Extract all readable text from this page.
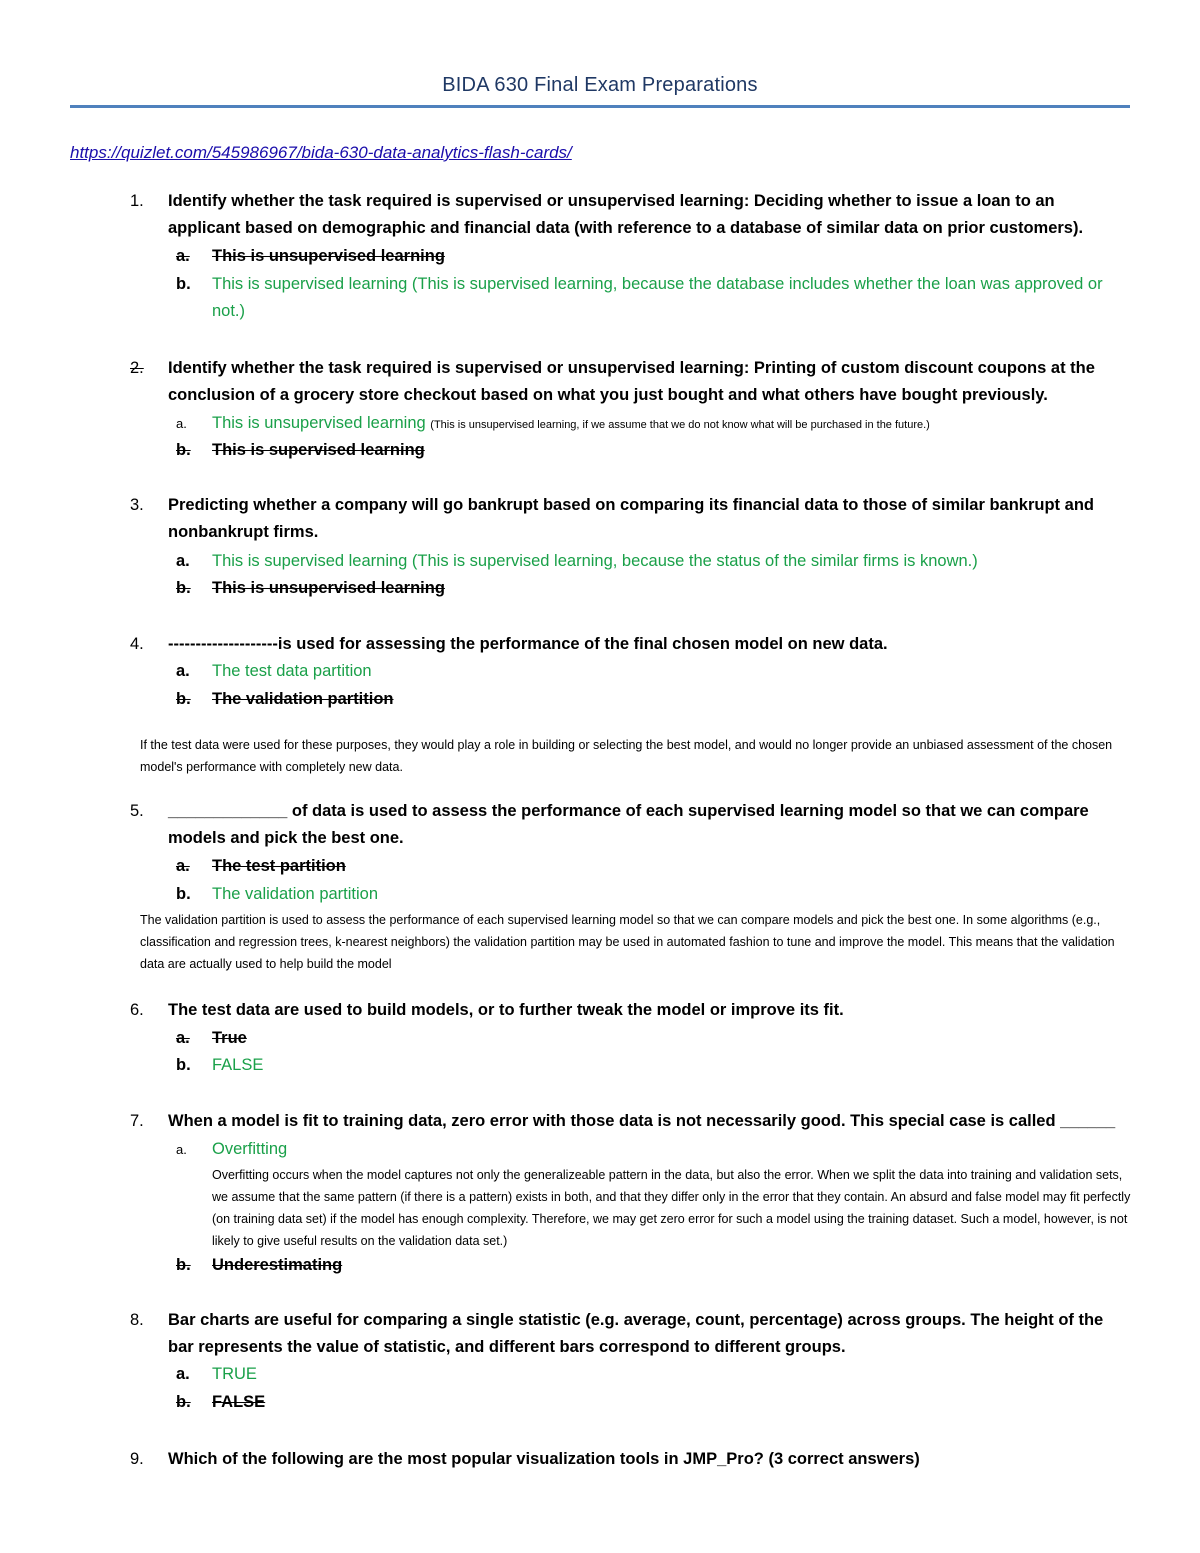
BIDA 630 Final Exam Preparations
https://quizlet.com/545986967/bida-630-data-analytics-flash-cards/
1. Identify whether the task required is supervised or unsupervised learning: Deciding whether to issue a loan to an applicant based on demographic and financial data (with reference to a database of similar data on prior customers).
a. This is unsupervised learning
b. This is supervised learning (This is supervised learning, because the database includes whether the loan was approved or not.)
2. Identify whether the task required is supervised or unsupervised learning: Printing of custom discount coupons at the conclusion of a grocery store checkout based on what you just bought and what others have bought previously.
a. This is unsupervised learning (This is unsupervised learning, if we assume that we do not know what will be purchased in the future.)
b. This is supervised learning
3. Predicting whether a company will go bankrupt based on comparing its financial data to those of similar bankrupt and nonbankrupt firms.
a. This is supervised learning (This is supervised learning, because the status of the similar firms is known.)
b. This is unsupervised learning
4. --------------------is used for assessing the performance of the final chosen model on new data.
a. The test data partition
b. The validation partition
If the test data were used for these purposes, they would play a role in building or selecting the best model, and would no longer provide an unbiased assessment of the chosen model's performance with completely new data.
5. _____________ of data is used to assess the performance of each supervised learning model so that we can compare models and pick the best one.
a. The test partition
b. The validation partition
The validation partition is used to assess the performance of each supervised learning model so that we can compare models and pick the best one. In some algorithms (e.g., classification and regression trees, k-nearest neighbors) the validation partition may be used in automated fashion to tune and improve the model. This means that the validation data are actually used to help build the model
6. The test data are used to build models, or to further tweak the model or improve its fit.
a. True
b. FALSE
7. When a model is fit to training data, zero error with those data is not necessarily good. This special case is called ______
a. Overfitting
Overfitting occurs when the model captures not only the generalizeable pattern in the data, but also the error. When we split the data into training and validation sets, we assume that the same pattern (if there is a pattern) exists in both, and that they differ only in the error that they contain. An absurd and false model may fit perfectly (on training data set) if the model has enough complexity. Therefore, we may get zero error for such a model using the training dataset. Such a model, however, is not likely to give useful results on the validation data set.)
b. Underestimating
8. Bar charts are useful for comparing a single statistic (e.g. average, count, percentage) across groups. The height of the bar represents the value of statistic, and different bars correspond to different groups.
a. TRUE
b. FALSE
9. Which of the following are the most popular visualization tools in JMP_Pro? (3 correct answers)
